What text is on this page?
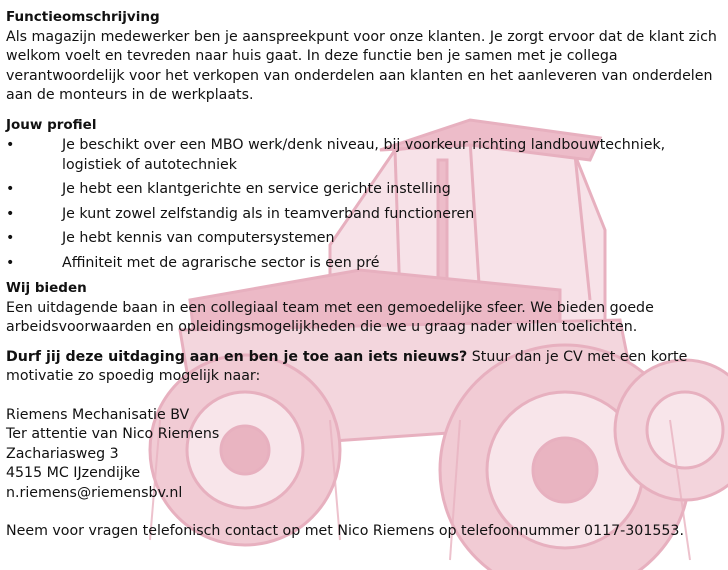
Functieomschrijving

Als magazijn medewerker ben je aanspreekpunt voor onze klanten. Je zorgt ervoor dat de klant zich welkom voelt en tevreden naar huis gaat. In deze functie ben je samen met je collega verantwoordelijk voor het verkopen van onderdelen aan klanten en het aanleveren van onderdelen aan de monteurs in de werkplaats.

Jouw profiel

•	Je beschikt over een MBO werk/denk niveau, bij voorkeur richting landbouwtechniek, logistiek of autotechniek
•	Je hebt een klantgerichte en service gerichte instelling
•	Je kunt zowel zelfstandig als in teamverband functioneren
•	Je hebt kennis van computersystemen
•	Affiniteit met de agrarische sector is een pré

Wij bieden

Een uitdagende baan in een collegiaal team met een gemoedelijke sfeer. We bieden goede arbeidsvoorwaarden en opleidingsmogelijkheden die we u graag nader willen toelichten.

Durf jij deze uitdaging aan en ben je toe aan iets nieuws? Stuur dan je CV met een korte motivatie zo spoedig mogelijk naar:

Riemens Mechanisatie BV

Ter attentie van Nico Riemens

Zachariasweg 3

4515 MC IJzendijke

n.riemens@riemensbv.nl

Neem voor vragen telefonisch contact op met Nico Riemens op telefoonnummer 0117-301553.
